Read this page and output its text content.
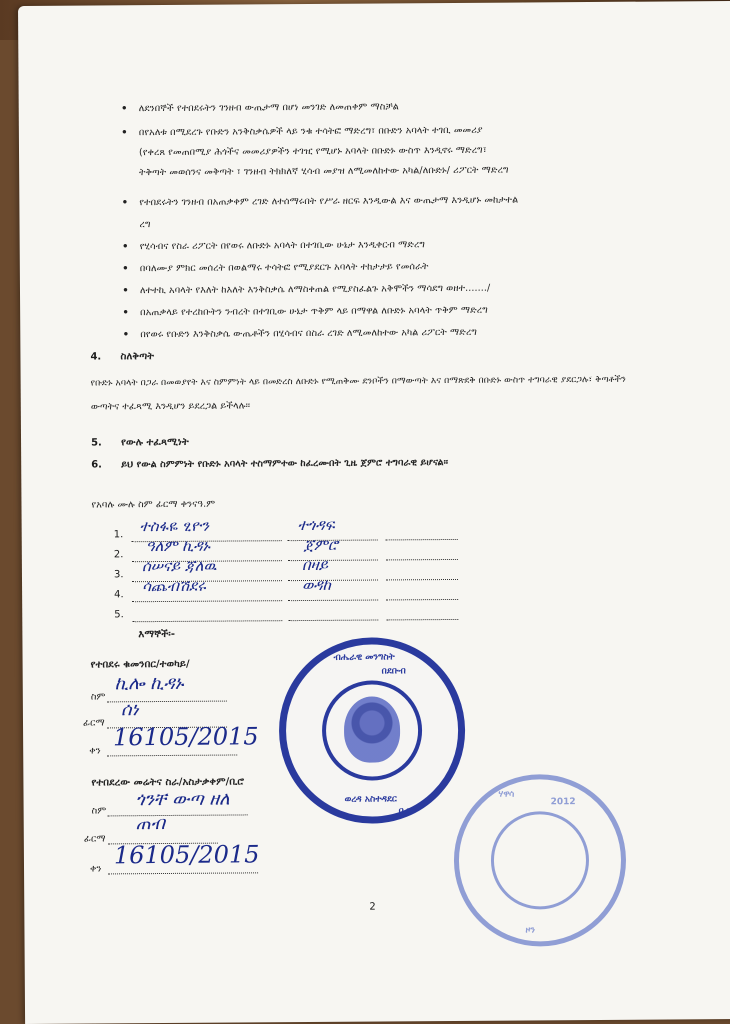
• ለደንበኞች የተበደሩትን ገንዘብ ውጤታማ በሆነ መንገድ ለመጠቀም ማስቻል
• በየአለቱ በሚደረጉ የቡድን አንቅስቃሴዎች ላይ ንቁ ተሳትፎ ማድረግ፣ በቡድን አባላት ተገቢ መመሪያ
(የቀረጸ የመጠበሚያ ሕጎችና መመሪያዎችን ተገዢ የሚሆኑ አባላት በቡድኑ ውስጥ እንዲኖሩ ማድረግ፣
ትቅጣት መወሰንና መቅጣት ፣ ገንዘብ ትክክለኛ ሂሳብ መያዝ ለሚመለከተው አካል/ለቡድኑ/ ሪፖርት ማድረግ
• የተበደሩትን ገንዘብ በአጠቃቀም ረገድ ለተሰማሩበት የሥራ ዘርፍ እንዲውል እና ውጤታማ እንዲሆኑ መከታተል
ረግ
• የሂሳብና የስራ ሪፖርት በየወሩ ለቡድኑ አባላት በተገቢው ሁኔታ እንዲቀርብ ማድረግ
• በባለሙያ ምክር መሰረት በወልማሩ ተሳትፎ የሚያደርጉ አባላት ተከታታይ የመሰራት
• ለተተኪ አባላት የእለት ከእለት እንቅስቃሴ ለማስቀጠል የሚያስፈልጉ አቅሞችን ማሳደግ ወዘተ......./
• በአጠቃላይ የተረከቡትን ንብረት በተገቢው ሁኔታ ጥቅም ላይ በማዋል ለቡድኑ አባላት ጥቅም ማድረግ
• በየወሩ የቡድን እንቅስቃሴ ውጤቶችን በሂሳብና በስራ ረገድ ለሚመለከተው አካል ሪፖርት ማድረግ
4. ስለቅጣት
የቡድኑ አባላት በጋራ በመወያየት እና ስምምነት ላይ በመድረስ ለቡድኑ የሚጠቅሙ ደንቦችን በማውጣት እና በማጽደቅ በቡድኑ ውስጥ ተግባራዊ ያደርጋሉ፣ ቅጣቶችን
ውጣትና ተፈጻሚ እንዲሆን ይደረጋል ይችላሉ።
5. የውሉ ተፈጻሚነት
6. ይህ የውል ስምምነት የቡድኑ አባላት ተስማምተው ከፈረሙበት ጊዜ ጀምሮ ተግባራዊ ይሆናል።
የአባሉ ሙሉ ስም ፊርማ ቀንናዓ.ም
1. ተስፋዬ ፂዮን	ተጎዳፍ
2. ዓለም ኪዳኑ	ጀምሮ
3. ሰሠናይ ጃለዉ	በዛይ
4. ሳጨብሽደሩ	ወዳከ
5.
እማኞች፡-
የተበደሩ ቁመንበር/ተወካይ/
ስም
ኪሎ ኪዳኑ
ፊርማ
ሰነ
ቀን 16105/2015
የተበደረው መሬትና ስራ/አስታቃቀም/ቢሮ
ስም
ጎንቸ ውጣ ዘለ
ፊርማ
ጠብ
ቀን 16105/2015
ብሔራዊ መንግስት
በደቡብ
ወረዳ አስተዳደር
ቢሮ
ሃዋሳ
2012
ዞን
2
